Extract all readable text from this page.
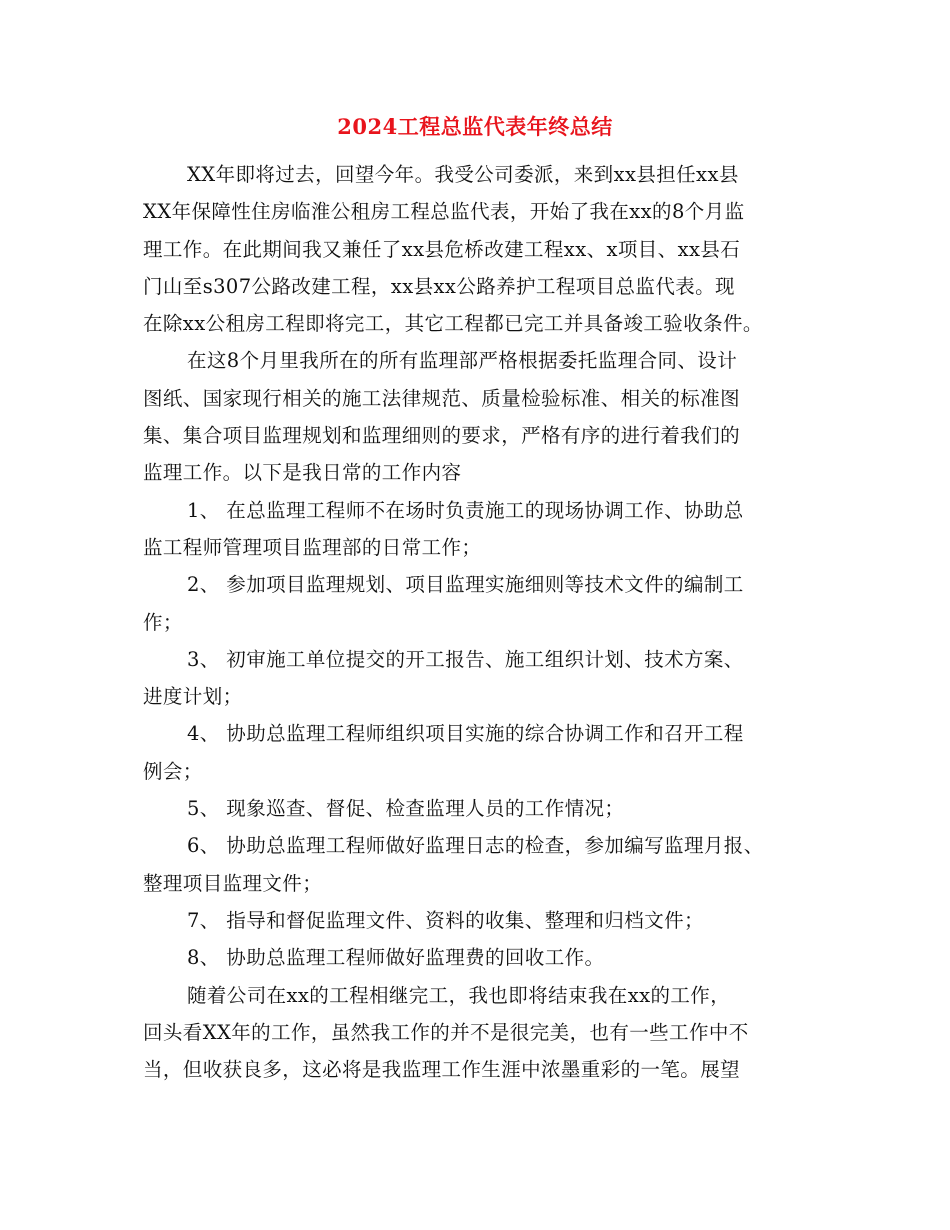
2024工程总监代表年终总结
XX年即将过去，回望今年。我受公司委派，来到xx县担任xx县
XX年保障性住房临淮公租房工程总监代表，开始了我在xx的8个月监
理工作。在此期间我又兼任了xx县危桥改建工程xx、x项目、xx县石
门山至s307公路改建工程，xx县xx公路养护工程项目总监代表。现
在除xx公租房工程即将完工，其它工程都已完工并具备竣工验收条件。
在这8个月里我所在的所有监理部严格根据委托监理合同、设计
图纸、国家现行相关的施工法律规范、质量检验标准、相关的标准图
集、集合项目监理规划和监理细则的要求，严格有序的进行着我们的
监理工作。以下是我日常的工作内容
1、 在总监理工程师不在场时负责施工的现场协调工作、协助总
监工程师管理项目监理部的日常工作；
2、 参加项目监理规划、项目监理实施细则等技术文件的编制工
作；
3、 初审施工单位提交的开工报告、施工组织计划、技术方案、
进度计划；
4、 协助总监理工程师组织项目实施的综合协调工作和召开工程
例会；
5、 现象巡查、督促、检查监理人员的工作情况；
6、 协助总监理工程师做好监理日志的检查，参加编写监理月报、
整理项目监理文件；
7、 指导和督促监理文件、资料的收集、整理和归档文件；
8、 协助总监理工程师做好监理费的回收工作。
随着公司在xx的工程相继完工，我也即将结束我在xx的工作，
回头看XX年的工作，虽然我工作的并不是很完美，也有一些工作中不
当，但收获良多，这必将是我监理工作生涯中浓墨重彩的一笔。展望
